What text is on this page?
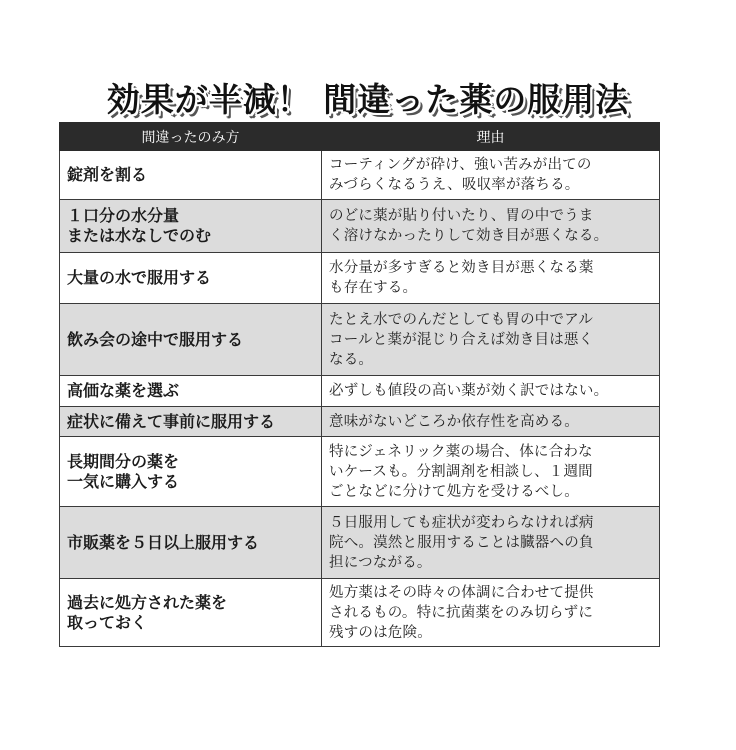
効果が半減！ 間違った薬の服用法
間違ったのみ方	理由

錠剤を割る	コーティングが砕け、強い苦みが出ての
みづらくなるうえ、吸収率が落ちる。

１口分の水分量
または水なしでのむ	のどに薬が貼り付いたり、胃の中でうま
く溶けなかったりして効き目が悪くなる。

大量の水で服用する	水分量が多すぎると効き目が悪くなる薬
も存在する。

飲み会の途中で服用する	たとえ水でのんだとしても胃の中でアル
コールと薬が混じり合えば効き目は悪く
なる。

高価な薬を選ぶ	必ずしも値段の高い薬が効く訳ではない。

症状に備えて事前に服用する	意味がないどころか依存性を高める。

長期間分の薬を
一気に購入する	特にジェネリック薬の場合、体に合わな
いケースも。分割調剤を相談し、１週間
ごとなどに分けて処方を受けるべし。

市販薬を５日以上服用する	５日服用しても症状が変わらなければ病
院へ。漠然と服用することは臓器への負
担につながる。

過去に処方された薬を
取っておく	処方薬はその時々の体調に合わせて提供
されるもの。特に抗菌薬をのみ切らずに
残すのは危険。
